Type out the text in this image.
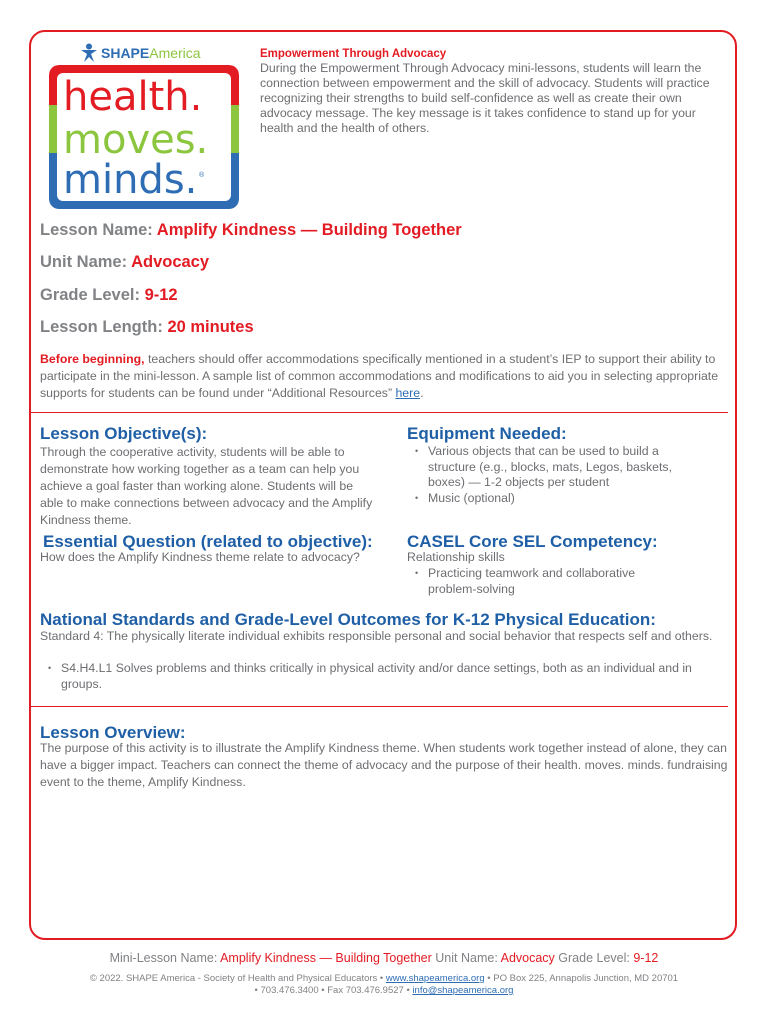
SHAPEAmerica
health.
moves.
minds. ®
Empowerment Through Advocacy

During the Empowerment Through Advocacy mini-lessons, students will learn the connection between empowerment and the skill of advocacy. Students will practice recognizing their strengths to build self-confidence as well as create their own advocacy message. The key message is it takes confidence to stand up for your health and the health of others.

Lesson Name: Amplify Kindness — Building Together
Unit Name: Advocacy
Grade Level: 9-12
Lesson Length: 20 minutes

Before beginning, teachers should offer accommodations specifically mentioned in a student’s IEP to support their ability to participate in the mini-lesson. A sample list of common accommodations and modifications to aid you in selecting appropriate supports for students can be found under “Additional Resources” here.

Lesson Objective(s):

Through the cooperative activity, students will be able to demonstrate how working together as a team can help you achieve a goal faster than working alone. Students will be able to make connections between advocacy and the Amplify Kindness theme.

Equipment Needed:
• Various objects that can be used to build a structure (e.g., blocks, mats, Legos, baskets, boxes) — 1-2 objects per student
• Music (optional)
Essential Question (related to objective):

How does the Amplify Kindness theme relate to advocacy?

CASEL Core SEL Competency:

Relationship skills

• Practicing teamwork and collaborative problem-solving
National Standards and Grade-Level Outcomes for K-12 Physical Education:

Standard 4: The physically literate individual exhibits responsible personal and social behavior that respects self and others.

• S4.H4.L1 Solves problems and thinks critically in physical activity and/or dance settings, both as an individual and in groups.
Lesson Overview:

The purpose of this activity is to illustrate the Amplify Kindness theme. When students work together instead of alone, they can have a bigger impact. Teachers can connect the theme of advocacy and the purpose of their health. moves. minds. fundraising event to the theme, Amplify Kindness.

Mini-Lesson Name: Amplify Kindness — Building Together Unit Name: Advocacy Grade Level: 9-12
© 2022. SHAPE America - Society of Health and Physical Educators • www.shapeamerica.org • PO Box 225, Annapolis Junction, MD 20701
• 703.476.3400 • Fax 703.476.9527 • info@shapeamerica.org
